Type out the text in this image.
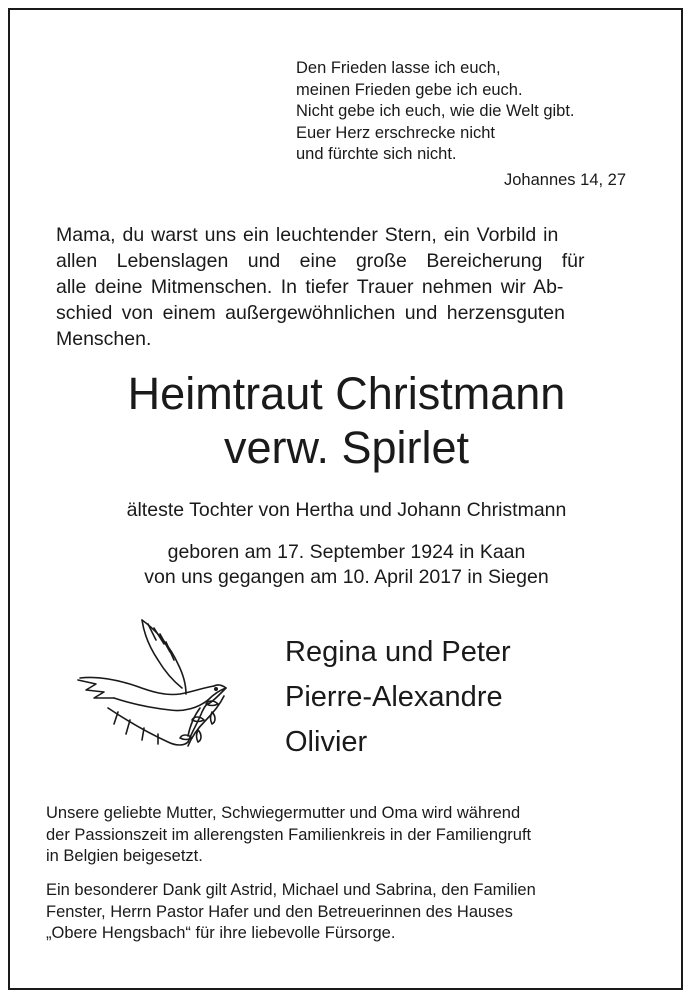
Den Frieden lasse ich euch,
meinen Frieden gebe ich euch.
Nicht gebe ich euch, wie die Welt gibt.
Euer Herz erschrecke nicht
und fürchte sich nicht.
Johannes 14, 27
Mama, du warst uns ein leuchtender Stern, ein Vorbild in
allen Lebenslagen und eine große Bereicherung für
alle deine Mitmenschen. In tiefer Trauer nehmen wir Ab-
schied von einem außergewöhnlichen und herzensguten
Menschen.
Heimtraut Christmann
verw. Spirlet
älteste Tochter von Hertha und Johann Christmann
geboren am 17. September 1924 in Kaan
von uns gegangen am 10. April 2017 in Siegen
Regina und Peter
Pierre-Alexandre
Olivier
Unsere geliebte Mutter, Schwiegermutter und Oma wird während
der Passionszeit im allerengsten Familienkreis in der Familiengruft
in Belgien beigesetzt.
Ein besonderer Dank gilt Astrid, Michael und Sabrina, den Familien
Fenster, Herrn Pastor Hafer und den Betreuerinnen des Hauses
„Obere Hengsbach“ für ihre liebevolle Fürsorge.
